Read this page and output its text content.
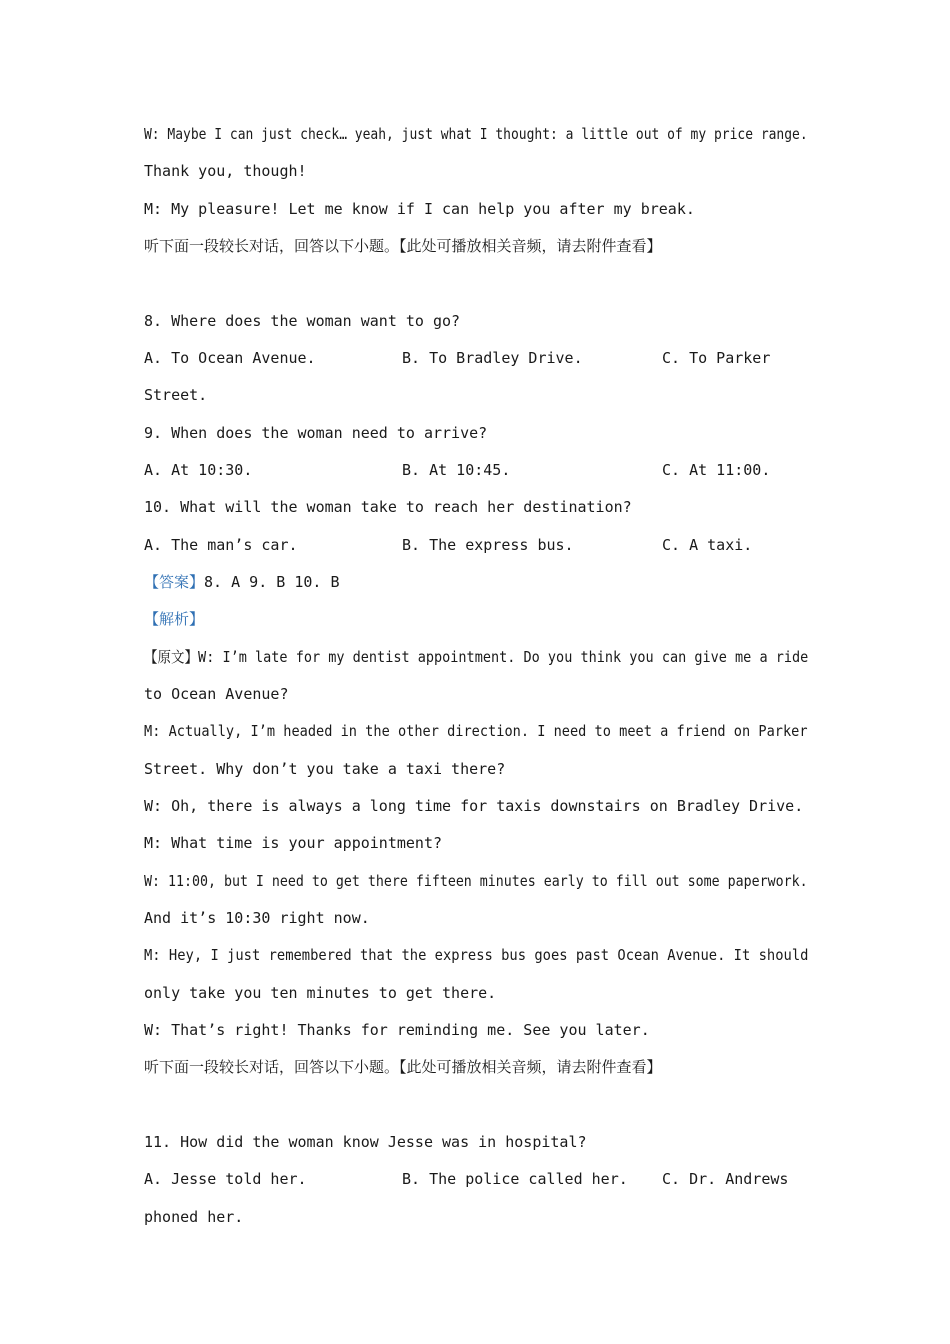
W: Maybe I can just check… yeah, just what I thought: a little out of my price range.
Thank you, though!
M: My pleasure! Let me know if I can help you after my break.
听下面一段较长对话，回答以下小题。【此处可播放相关音频，请去附件查看】
8. Where does the woman want to go?
A. To Ocean Avenue.	B. To Bradley Drive.	C. To Parker
Street.
9. When does the woman need to arrive?
A. At 10:30.	B. At 10:45.	C. At 11:00.
10. What will the woman take to reach her destination?
A. The man’s car.	B. The express bus.	C. A taxi.
【答案】8. A 9. B 10. B
【解析】
【原文】W: I’m late for my dentist appointment. Do you think you can give me a ride
to Ocean Avenue?
M: Actually, I’m headed in the other direction. I need to meet a friend on Parker
Street. Why don’t you take a taxi there?
W: Oh, there is always a long time for taxis downstairs on Bradley Drive.
M: What time is your appointment?
W: 11:00, but I need to get there fifteen minutes early to fill out some paperwork.
And it’s 10:30 right now.
M: Hey, I just remembered that the express bus goes past Ocean Avenue. It should
only take you ten minutes to get there.
W: That’s right! Thanks for reminding me. See you later.
听下面一段较长对话，回答以下小题。【此处可播放相关音频，请去附件查看】
11. How did the woman know Jesse was in hospital?
A. Jesse told her.	B. The police called her. C. Dr. Andrews
phoned her.
